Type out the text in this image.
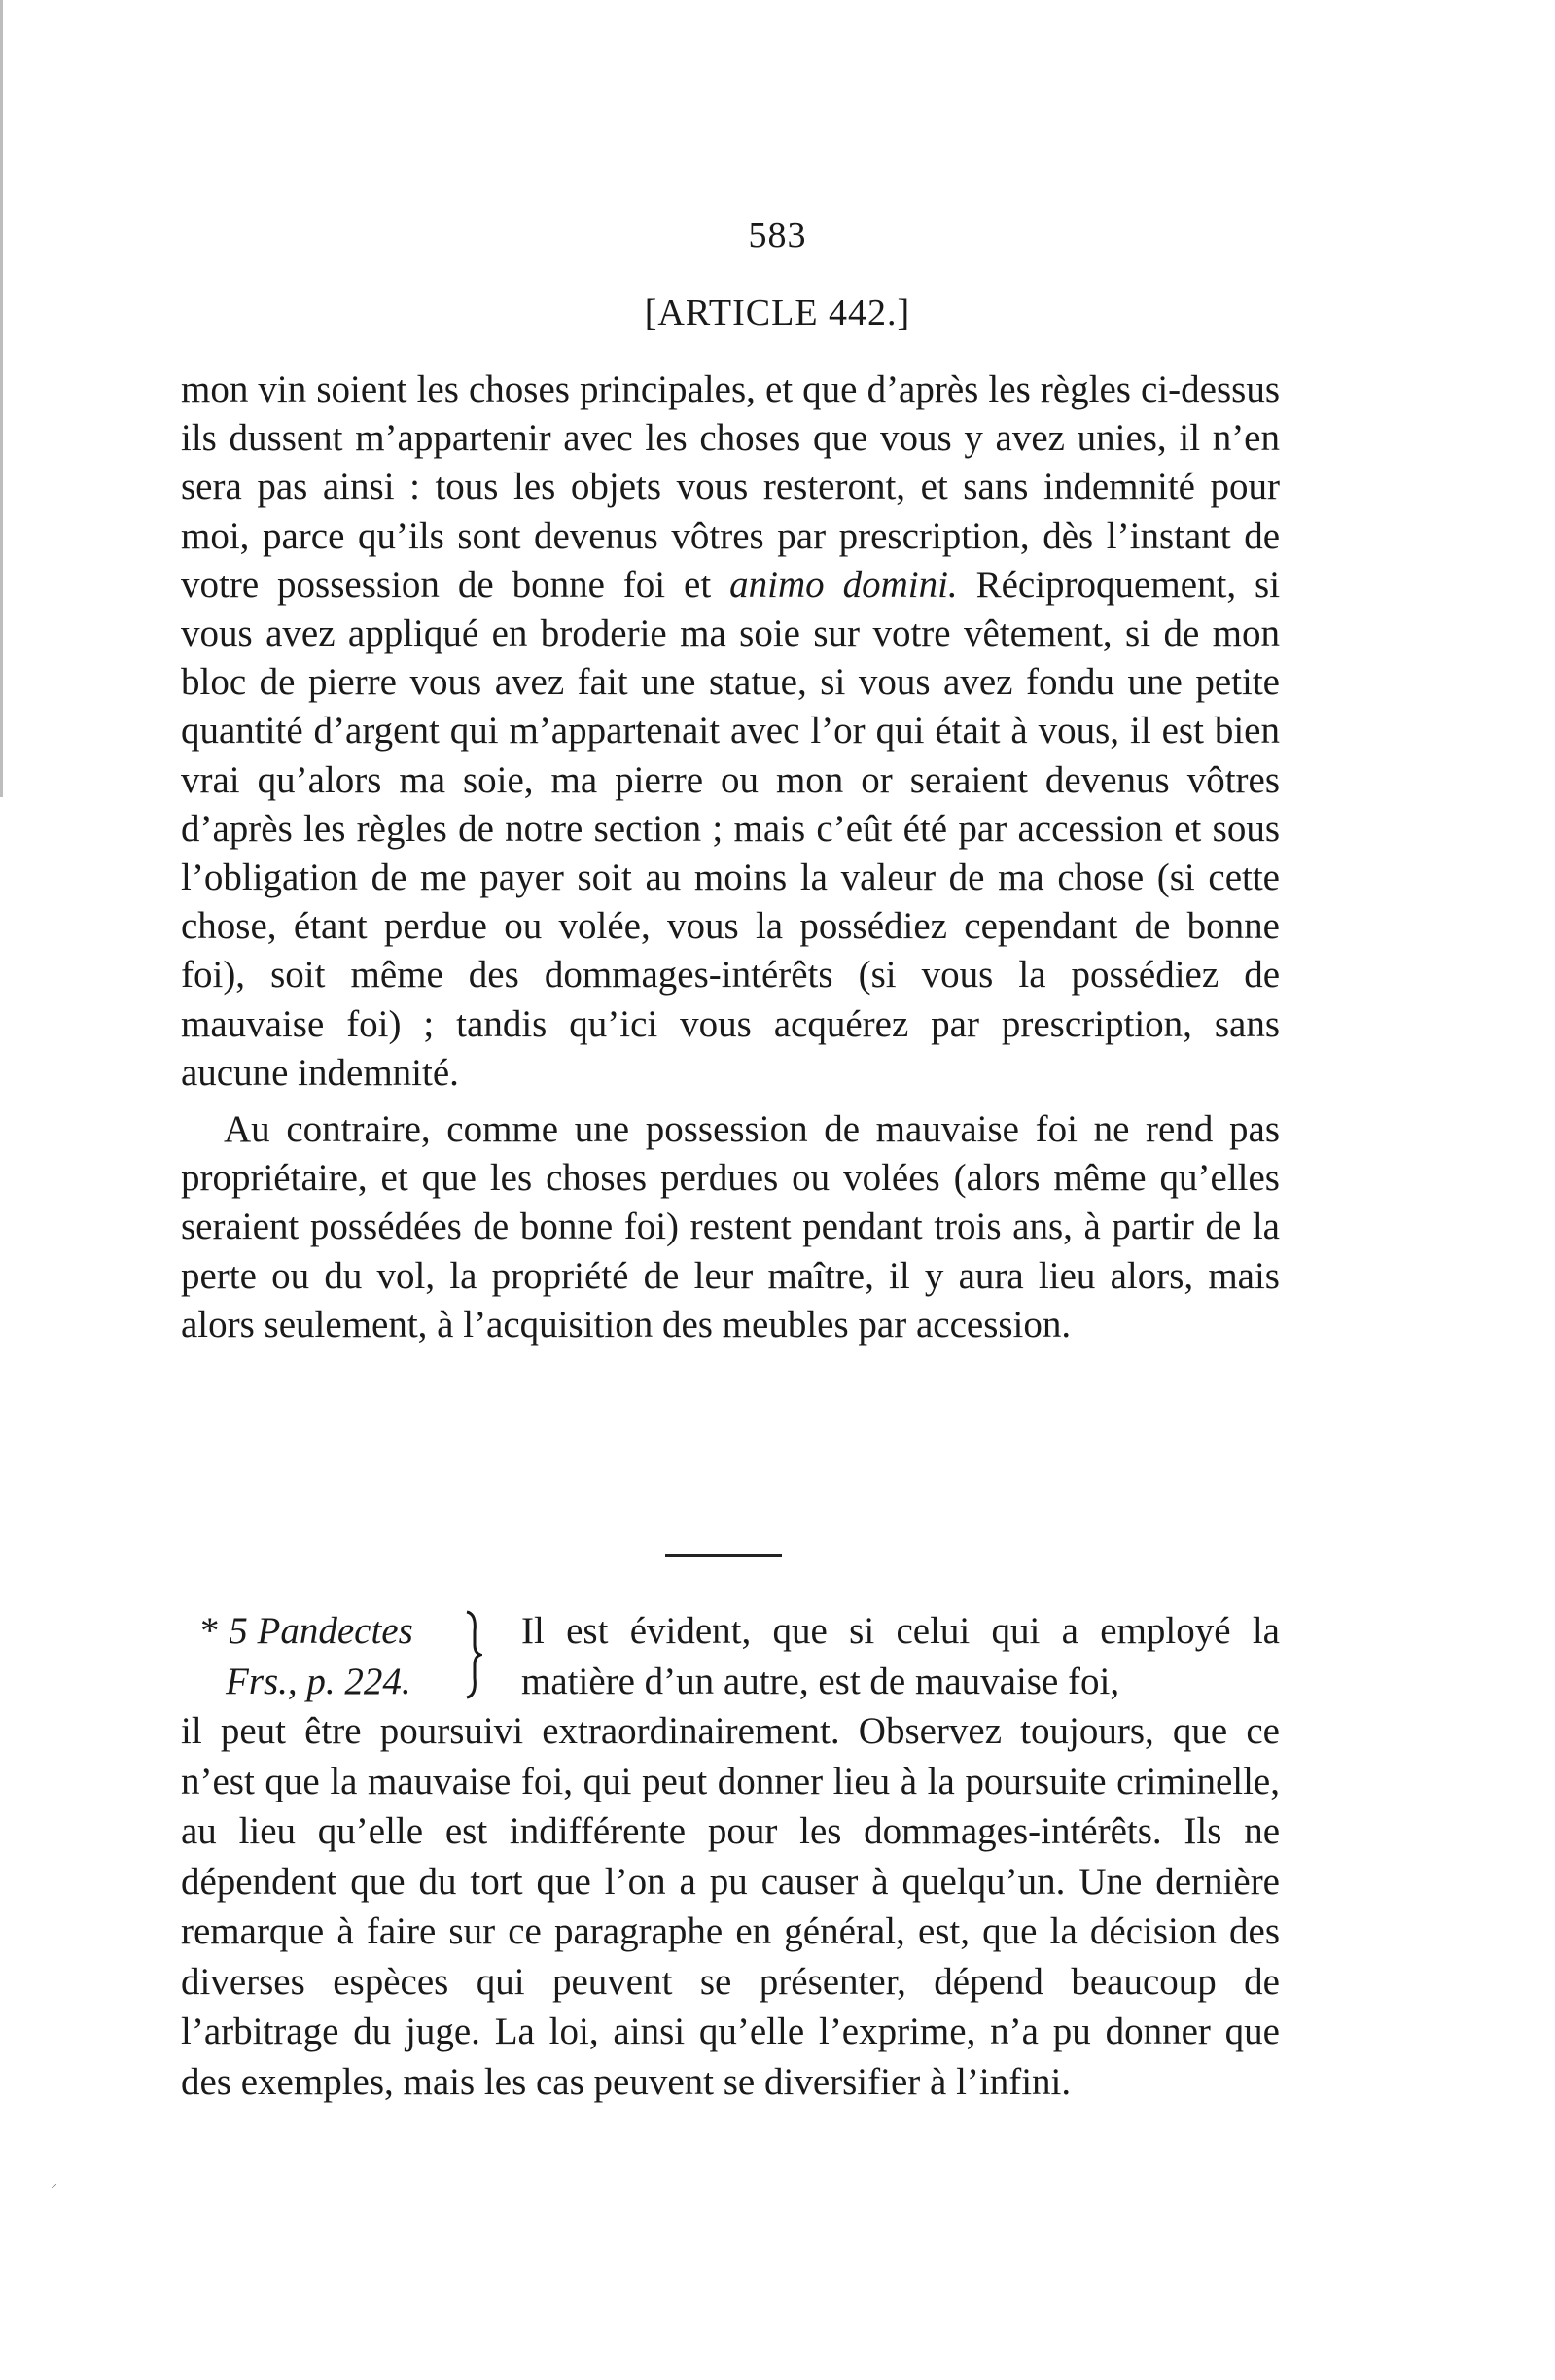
583
[ARTICLE 442.]

mon vin soient les choses principales, et que d’après les règles ci-dessus ils dussent m’appartenir avec les choses que vous y avez unies, il n’en sera pas ainsi : tous les objets vous resteront, et sans indemnité pour moi, parce qu’ils sont devenus vôtres par prescription, dès l’instant de votre possession de bonne foi et animo domini. Réciproquement, si vous avez appliqué en broderie ma soie sur votre vêtement, si de mon bloc de pierre vous avez fait une statue, si vous avez fondu une petite quantité d’argent qui m’appartenait avec l’or qui était à vous, il est bien vrai qu’alors ma soie, ma pierre ou mon or seraient devenus vôtres d’après les règles de notre section ; mais c’eût été par accession et sous l’obligation de me payer soit au moins la valeur de ma chose (si cette chose, étant perdue ou volée, vous la possédiez cependant de bonne foi), soit même des dommages-intérêts (si vous la possédiez de mauvaise foi) ; tandis qu’ici vous acquérez par prescription, sans aucune indemnité.

Au contraire, comme une possession de mauvaise foi ne rend pas propriétaire, et que les choses perdues ou volées (alors même qu’elles seraient possédées de bonne foi) restent pendant trois ans, à partir de la perte ou du vol, la propriété de leur maître, il y aura lieu alors, mais alors seulement, à l’acquisition des meubles par accession.

* 5 Pandectes
Frs., p. 224.
Il est évident, que si celui qui a employé la matière d’un autre, est de mauvaise foi,

il peut être poursuivi extraordinairement. Observez toujours, que ce n’est que la mauvaise foi, qui peut donner lieu à la poursuite criminelle, au lieu qu’elle est indifférente pour les dommages-intérêts. Ils ne dépendent que du tort que l’on a pu causer à quelqu’un. Une dernière remarque à faire sur ce paragraphe en général, est, que la décision des diverses espèces qui peuvent se présenter, dépend beaucoup de l’arbitrage du juge. La loi, ainsi qu’elle l’exprime, n’a pu donner que des exemples, mais les cas peuvent se diversifier à l’infini.

⸝
